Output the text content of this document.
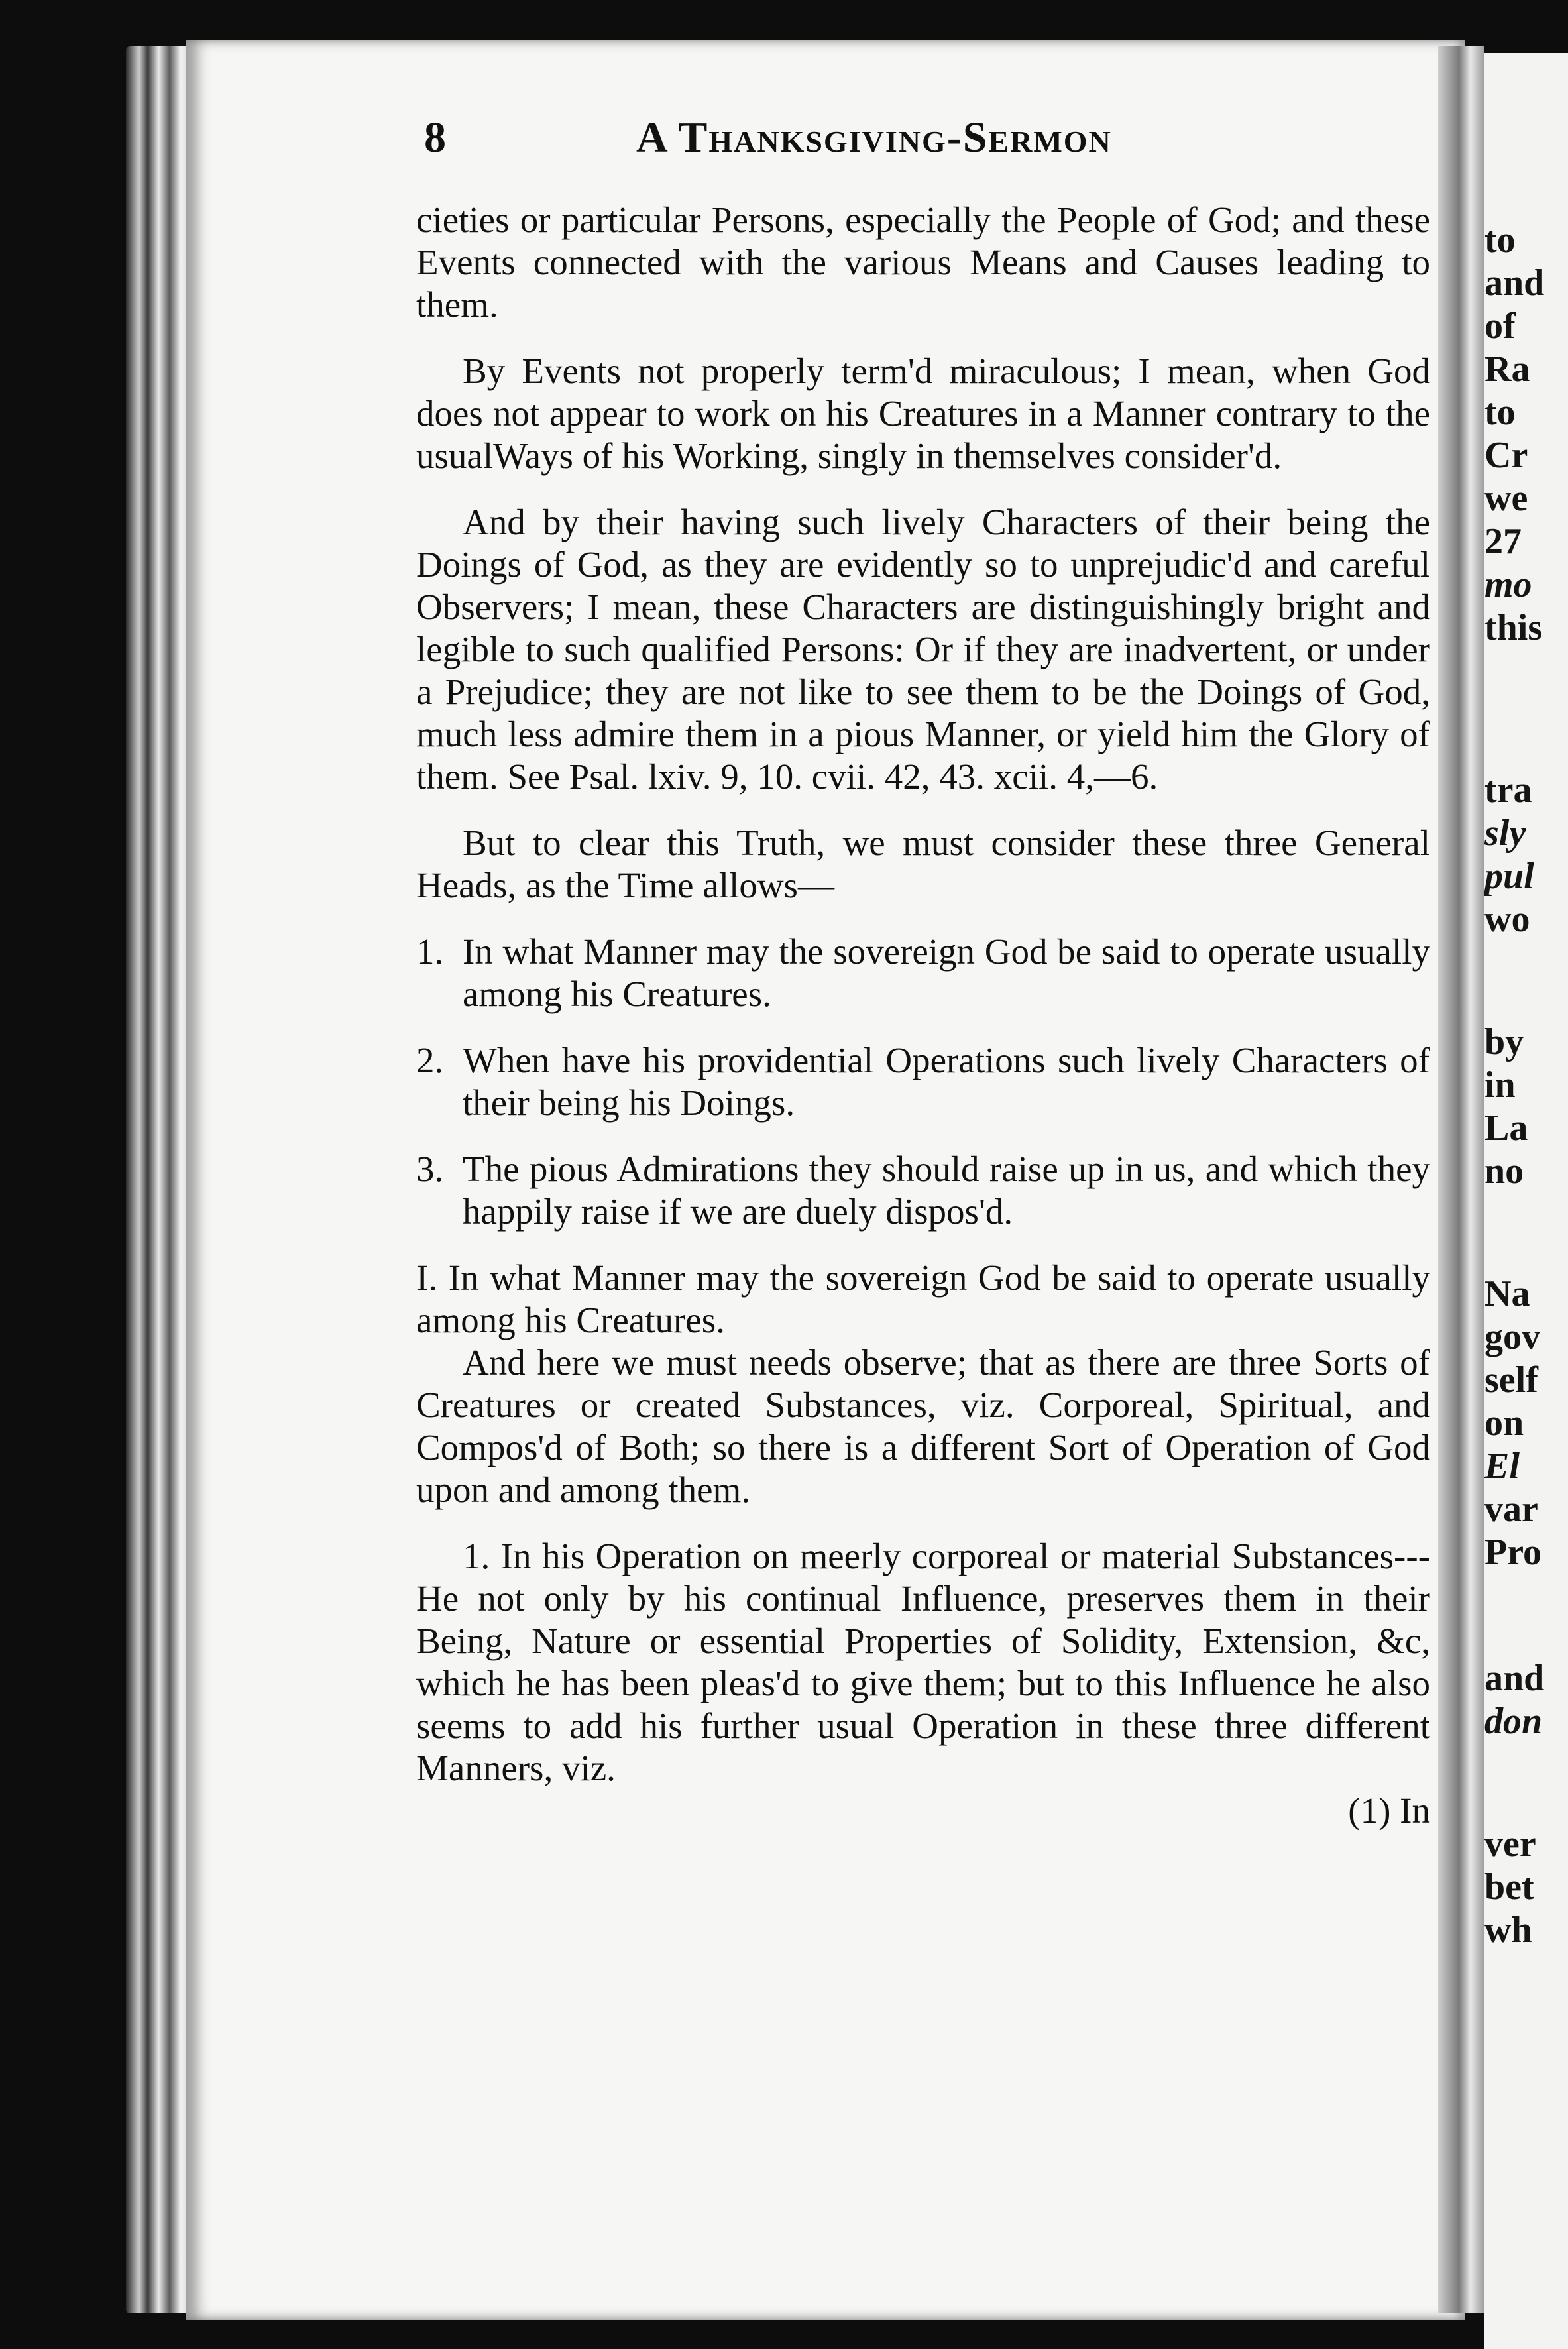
to
and
of
Ra
to
Cr
we
27
mo
this
tra
sly
pul
wo
by
in
La
no
Na
gov
self
on
El
var
Pro
and
don
ver
bet
wh
8	A Thanksgiving-Sermon

cieties or particular Persons, especially the People of God; and these Events connected with the various Means and Causes leading to them.

By Events not properly term'd miraculous; I mean, when God does not appear to work on his Creatures in a Manner contrary to the usualWays of his Working, singly in themselves consider'd.

And by their having such lively Characters of their being the Doings of God, as they are evidently so to unprejudic'd and careful Observers; I mean, these Characters are distinguishingly bright and legible to such qualified Persons: Or if they are inadvertent, or under a Prejudice; they are not like to see them to be the Doings of God, much less admire them in a pious Manner, or yield him the Glory of them. See Psal. lxiv. 9, 10. cvii. 42, 43. xcii. 4,—6.

But to clear this Truth, we must consider these three General Heads, as the Time allows—

1. In what Manner may the sovereign God be said to operate usually among his Creatures.
2. When have his providential Operations such lively Characters of their being his Doings.
3. The pious Admirations they should raise up in us, and which they happily raise if we are duely dispos'd.

I. In what Manner may the sovereign God be said to operate usually among his Creatures.

And here we must needs observe; that as there are three Sorts of Creatures or created Substances, viz. Corporeal, Spiritual, and Compos'd of Both; so there is a different Sort of Operation of God upon and among them.

1. In his Operation on meerly corporeal or material Substances---He not only by his continual Influence, preserves them in their Being, Nature or essential Properties of Solidity, Extension, &c, which he has been pleas'd to give them; but to this Influence he also seems to add his further usual Operation in these three different Manners, viz.

(1) In
